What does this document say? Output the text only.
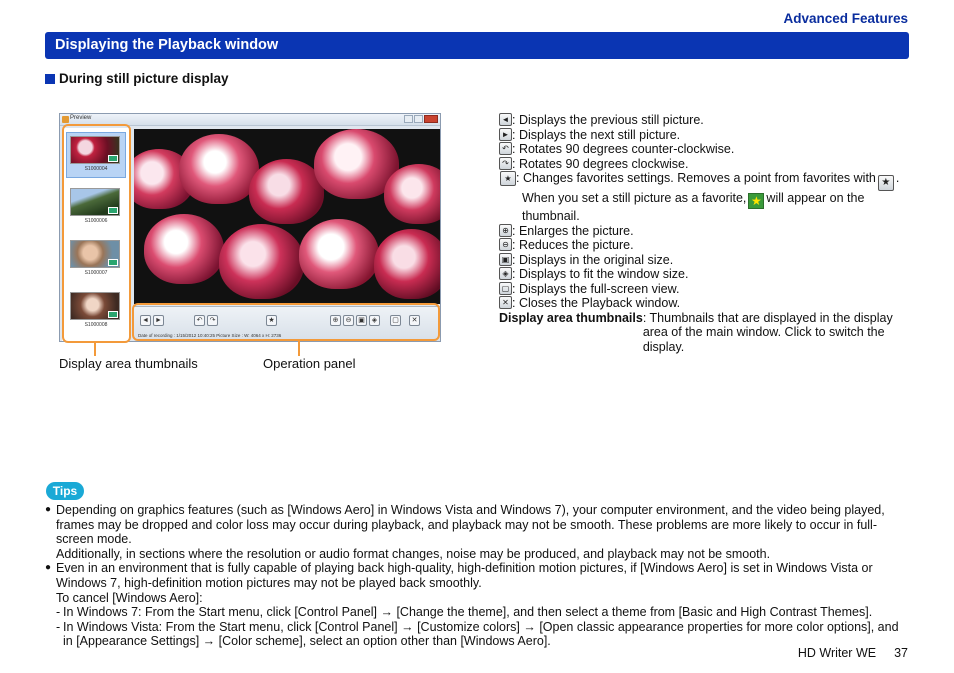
Advanced Features
Displaying the Playback window
During still picture display
Preview
S1000004
S1000006
S1000007
S1000008
◄ ►	↶	↷	★	⊕	⊖ ▣ ◈	▢	✕
Date of recording : 1/15/2012 10:40:25 Picture Size : W: 4064 x H: 2736
Display area thumbnails	Operation panel
◄ : Displays the previous still picture.
► : Displays the next still picture.
↶ : Rotates 90 degrees counter-clockwise.
↷ : Rotates 90 degrees clockwise.
★ : Changes favorites settings. Removes a point from favorites with ★ .
When you set a still picture as a favorite, ★ will appear on the
thumbnail.
⊕ : Enlarges the picture.
⊖ : Reduces the picture.
▣ : Displays in the original size.
◈ : Displays to fit the window size.
▢ : Displays the full-screen view.
✕ : Closes the Playback window.
Display area thumbnails : Thumbnails that are displayed in the display area of the main window. Click to switch the display.
Tips

● Depending on graphics features (such as [Windows Aero] in Windows Vista and Windows 7), your computer environment, and the video being played, frames may be dropped and color loss may occur during playback, and playback may not be smooth. These problems are more likely to occur in full-screen mode.

Additionally, in sections where the resolution or audio format changes, noise may be produced, and playback may not be smooth.

● Even in an environment that is fully capable of playing back high-quality, high-definition motion pictures, if [Windows Aero] is set in Windows Vista or Windows 7, high-definition motion pictures may not be played back smoothly.

To cancel [Windows Aero]:

- In Windows 7: From the Start menu, click [Control Panel] → [Change the theme], and then select a theme from [Basic and High Contrast Themes].

- In Windows Vista: From the Start menu, click [Control Panel] → [Customize colors] → [Open classic appearance properties for more color options], and in [Appearance Settings] → [Color scheme], select an option other than [Windows Aero].

HD Writer WE 37
